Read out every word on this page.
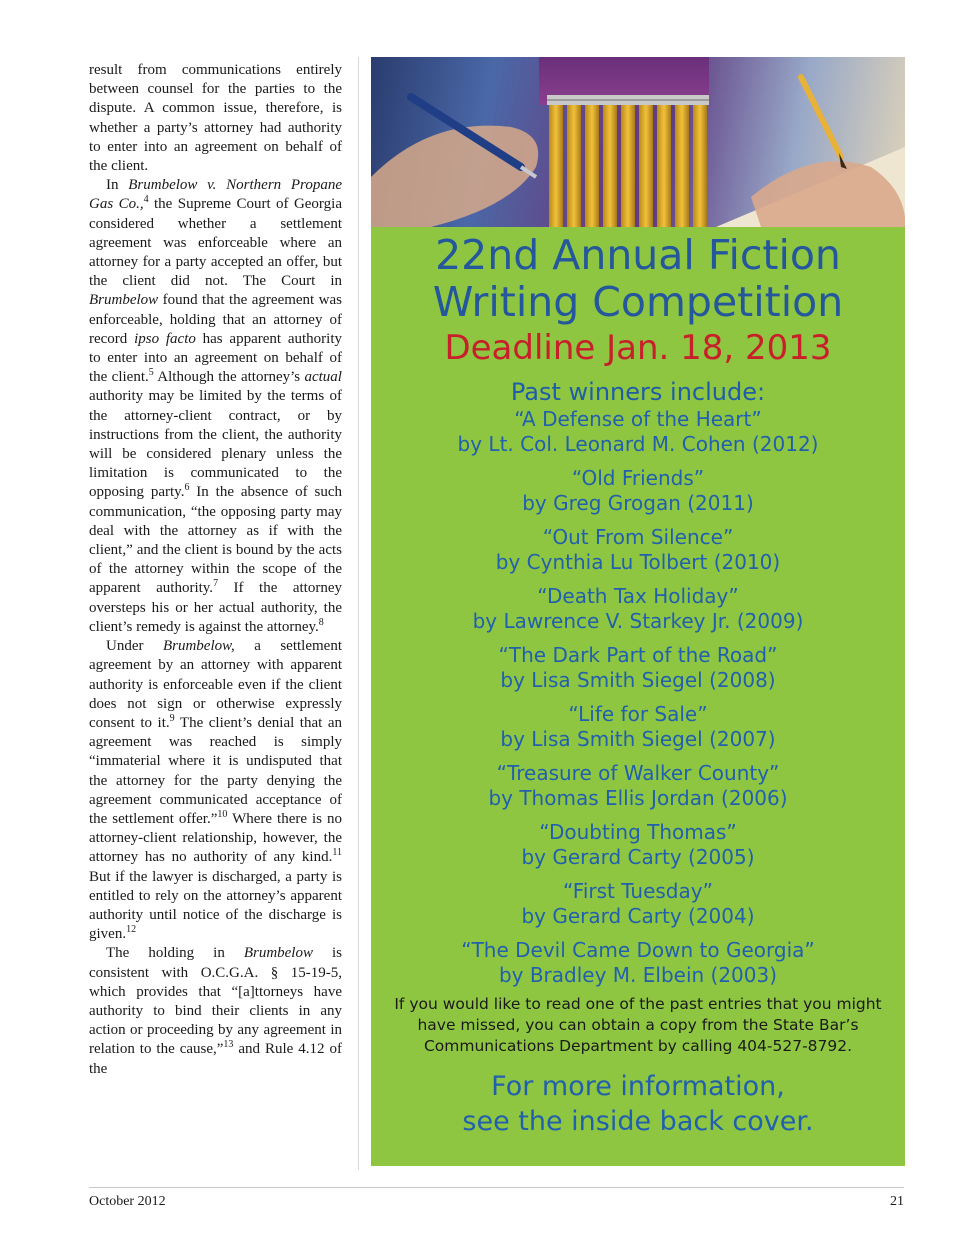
result from communications entirely between counsel for the parties to the dispute. A common issue, therefore, is whether a party’s attorney had authority to enter into an agreement on behalf of the client.

In Brumbelow v. Northern Propane Gas Co.,$^4$ the Supreme Court of Georgia considered whether a settlement agreement was enforceable where an attorney for a party accepted an offer, but the client did not. The Court in Brumbelow found that the agreement was enforceable, holding that an attorney of record ipso facto has apparent authority to enter into an agreement on behalf of the client.$^5$ Although the attorney’s actual authority may be limited by the terms of the attorney-client contract, or by instructions from the client, the authority will be considered plenary unless the limitation is communicated to the opposing party.$^6$ In the absence of such communication, “the opposing party may deal with the attorney as if with the client,” and the client is bound by the acts of the attorney within the scope of the apparent authority.$^7$ If the attorney oversteps his or her actual authority, the client’s remedy is against the attorney.$^8$

Under Brumbelow, a settlement agreement by an attorney with apparent authority is enforceable even if the client does not sign or otherwise expressly consent to it.$^9$ The client’s denial that an agreement was reached is simply “immaterial where it is undisputed that the attorney for the party denying the agreement communicated acceptance of the settlement offer.”$^{10}$ Where there is no attorney-client relationship, however, the attorney has no authority of any kind.$^{11}$ But if the lawyer is discharged, a party is entitled to rely on the attorney’s apparent authority until notice of the discharge is given.$^{12}$

The holding in Brumbelow is consistent with O.C.G.A. § 15-19-5, which provides that “[a]ttorneys have authority to bind their clients in any action or proceeding by any agreement in relation to the cause,”$^{13}$ and Rule 4.12 of the

22nd Annual Fiction
Writing Competition
Deadline Jan. 18, 2013
Past winners include:
“A Defense of the Heart”
by Lt. Col. Leonard M. Cohen (2012)
“Old Friends”
by Greg Grogan (2011)
“Out From Silence”
by Cynthia Lu Tolbert (2010)
“Death Tax Holiday”
by Lawrence V. Starkey Jr. (2009)
“The Dark Part of the Road”
by Lisa Smith Siegel (2008)
“Life for Sale”
by Lisa Smith Siegel (2007)
“Treasure of Walker County”
by Thomas Ellis Jordan (2006)
“Doubting Thomas”
by Gerard Carty (2005)
“First Tuesday”
by Gerard Carty (2004)
“The Devil Came Down to Georgia”
by Bradley M. Elbein (2003)
If you would like to read one of the past entries that you might have missed, you can obtain a copy from the State Bar’s Communications Department by calling 404-527-8792.
For more information,
see the inside back cover.
October 2012	21
